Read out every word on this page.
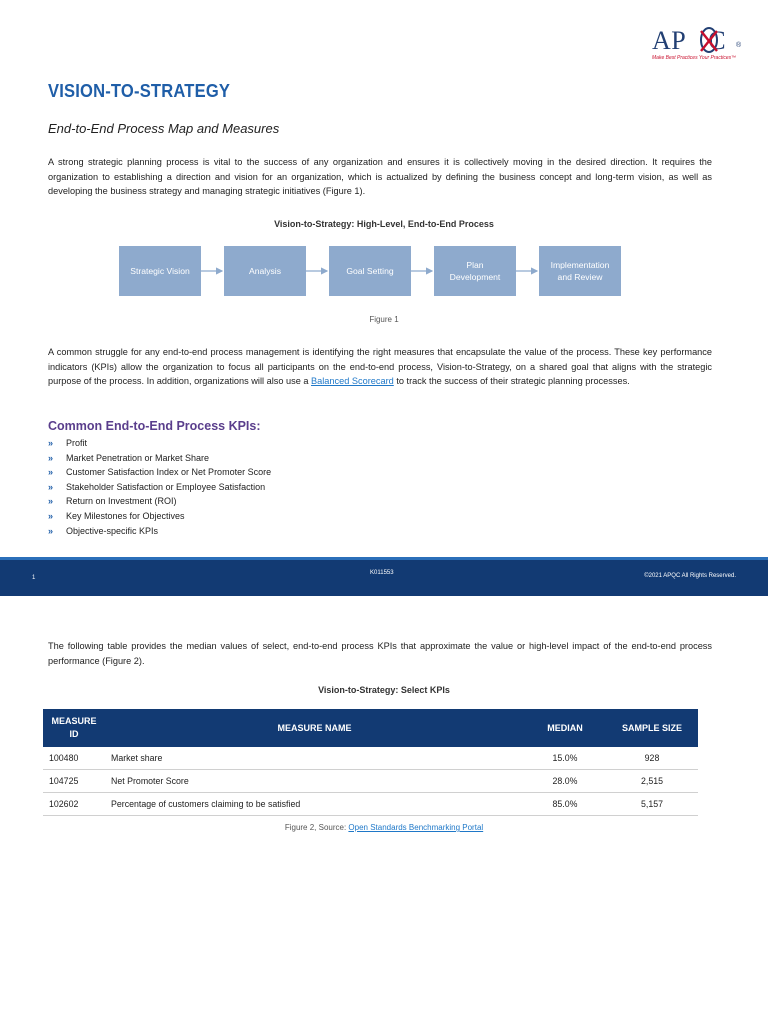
AP C ®
Make Best Practices Your Practices™
VISION-TO-STRATEGY
End-to-End Process Map and Measures

A strong strategic planning process is vital to the success of any organization and ensures it is collectively moving in the desired direction. It requires the organization to establishing a direction and vision for an organization, which is actualized by defining the business concept and long-term vision, as well as developing the business strategy and managing strategic initiatives (Figure 1).

Vision-to-Strategy: High-Level, End-to-End Process

Strategic Vision	Analysis	Goal Setting
Plan Development
Implementation and Review
Figure 1

A common struggle for any end-to-end process management is identifying the right measures that encapsulate the value of the process. These key performance indicators (KPIs) allow the organization to focus all participants on the end-to-end process, Vision-to-Strategy, on a shared goal that aligns with the strategic purpose of the process. In addition, organizations will also use a Balanced Scorecard to track the success of their strategic planning processes.

Common End-to-End Process KPIs:
» Profit
» Market Penetration or Market Share
» Customer Satisfaction Index or Net Promoter Score
» Stakeholder Satisfaction or Employee Satisfaction
» Return on Investment (ROI)
» Key Milestones for Objectives
» Objective-specific KPIs
1
K011553	©2021 APQC All Rights Reserved.

The following table provides the median values of select, end-to-end process KPIs that approximate the value or high-level impact of the end-to-end process performance (Figure 2).

Vision-to-Strategy: Select KPIs

MEASURE ID	MEASURE NAME	MEDIAN	SAMPLE SIZE
100480	Market share	15.0%	928
104725	Net Promoter Score	28.0%	2,515
102602	Percentage of customers claiming to be satisfied	85.0%	5,157
Figure 2, Source: Open Standards Benchmarking Portal
